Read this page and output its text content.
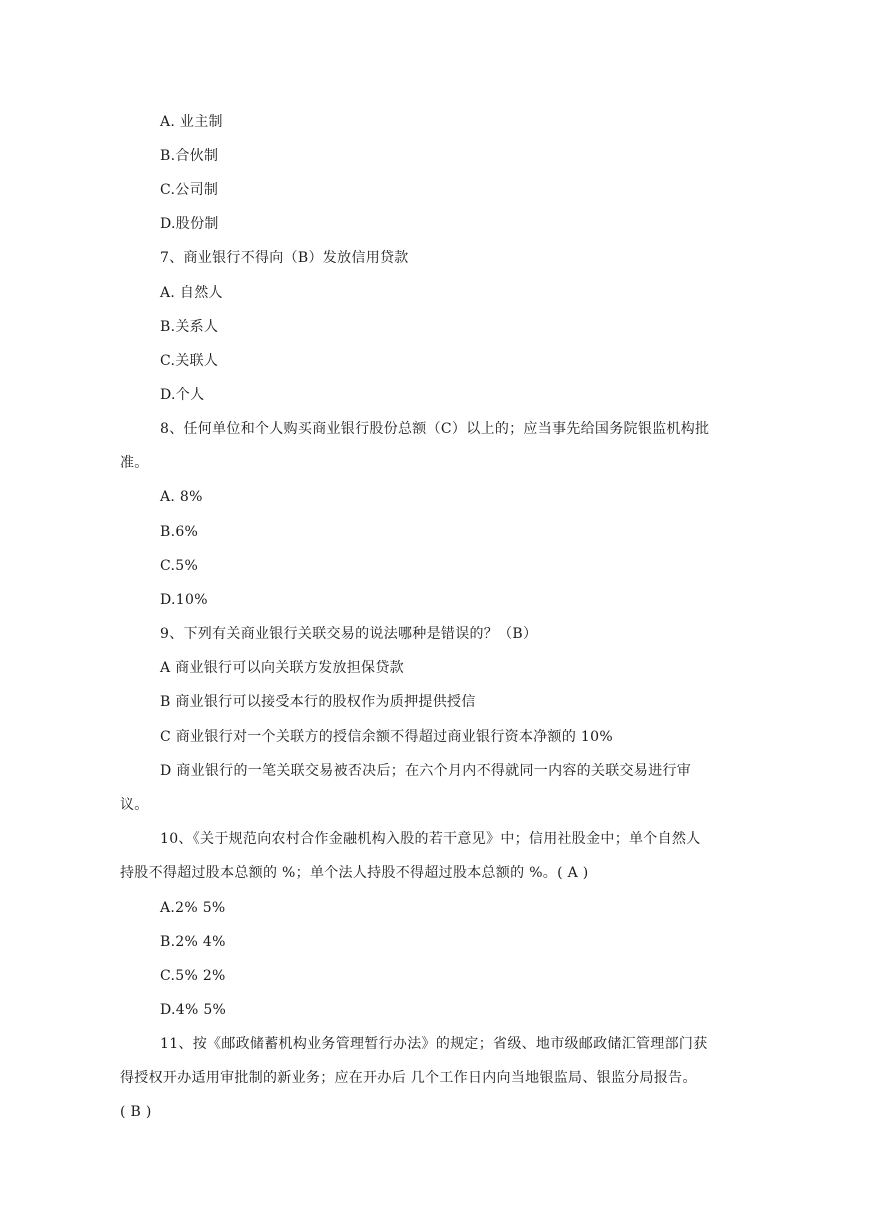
A. 业主制
B.合伙制
C.公司制
D.股份制
7、商业银行不得向（B）发放信用贷款
A. 自然人
B.关系人
C.关联人
D.个人
8、任何单位和个人购买商业银行股份总额（C）以上的；应当事先给国务院银监机构批
准。
A. 8%
B.6%
C.5%
D.10%
9、下列有关商业银行关联交易的说法哪种是错误的？（B）
A 商业银行可以向关联方发放担保贷款
B 商业银行可以接受本行的股权作为质押提供授信
C 商业银行对一个关联方的授信余额不得超过商业银行资本净额的 10%
D 商业银行的一笔关联交易被否决后；在六个月内不得就同一内容的关联交易进行审
议。
10、《关于规范向农村合作金融机构入股的若干意见》中；信用社股金中；单个自然人
持股不得超过股本总额的 %；单个法人持股不得超过股本总额的 %。( A )
A.2% 5%
B.2% 4%
C.5% 2%
D.4% 5%
11、按《邮政储蓄机构业务管理暂行办法》的规定；省级、地市级邮政储汇管理部门获
得授权开办适用审批制的新业务；应在开办后 几个工作日内向当地银监局、银监分局报告。
( B )
